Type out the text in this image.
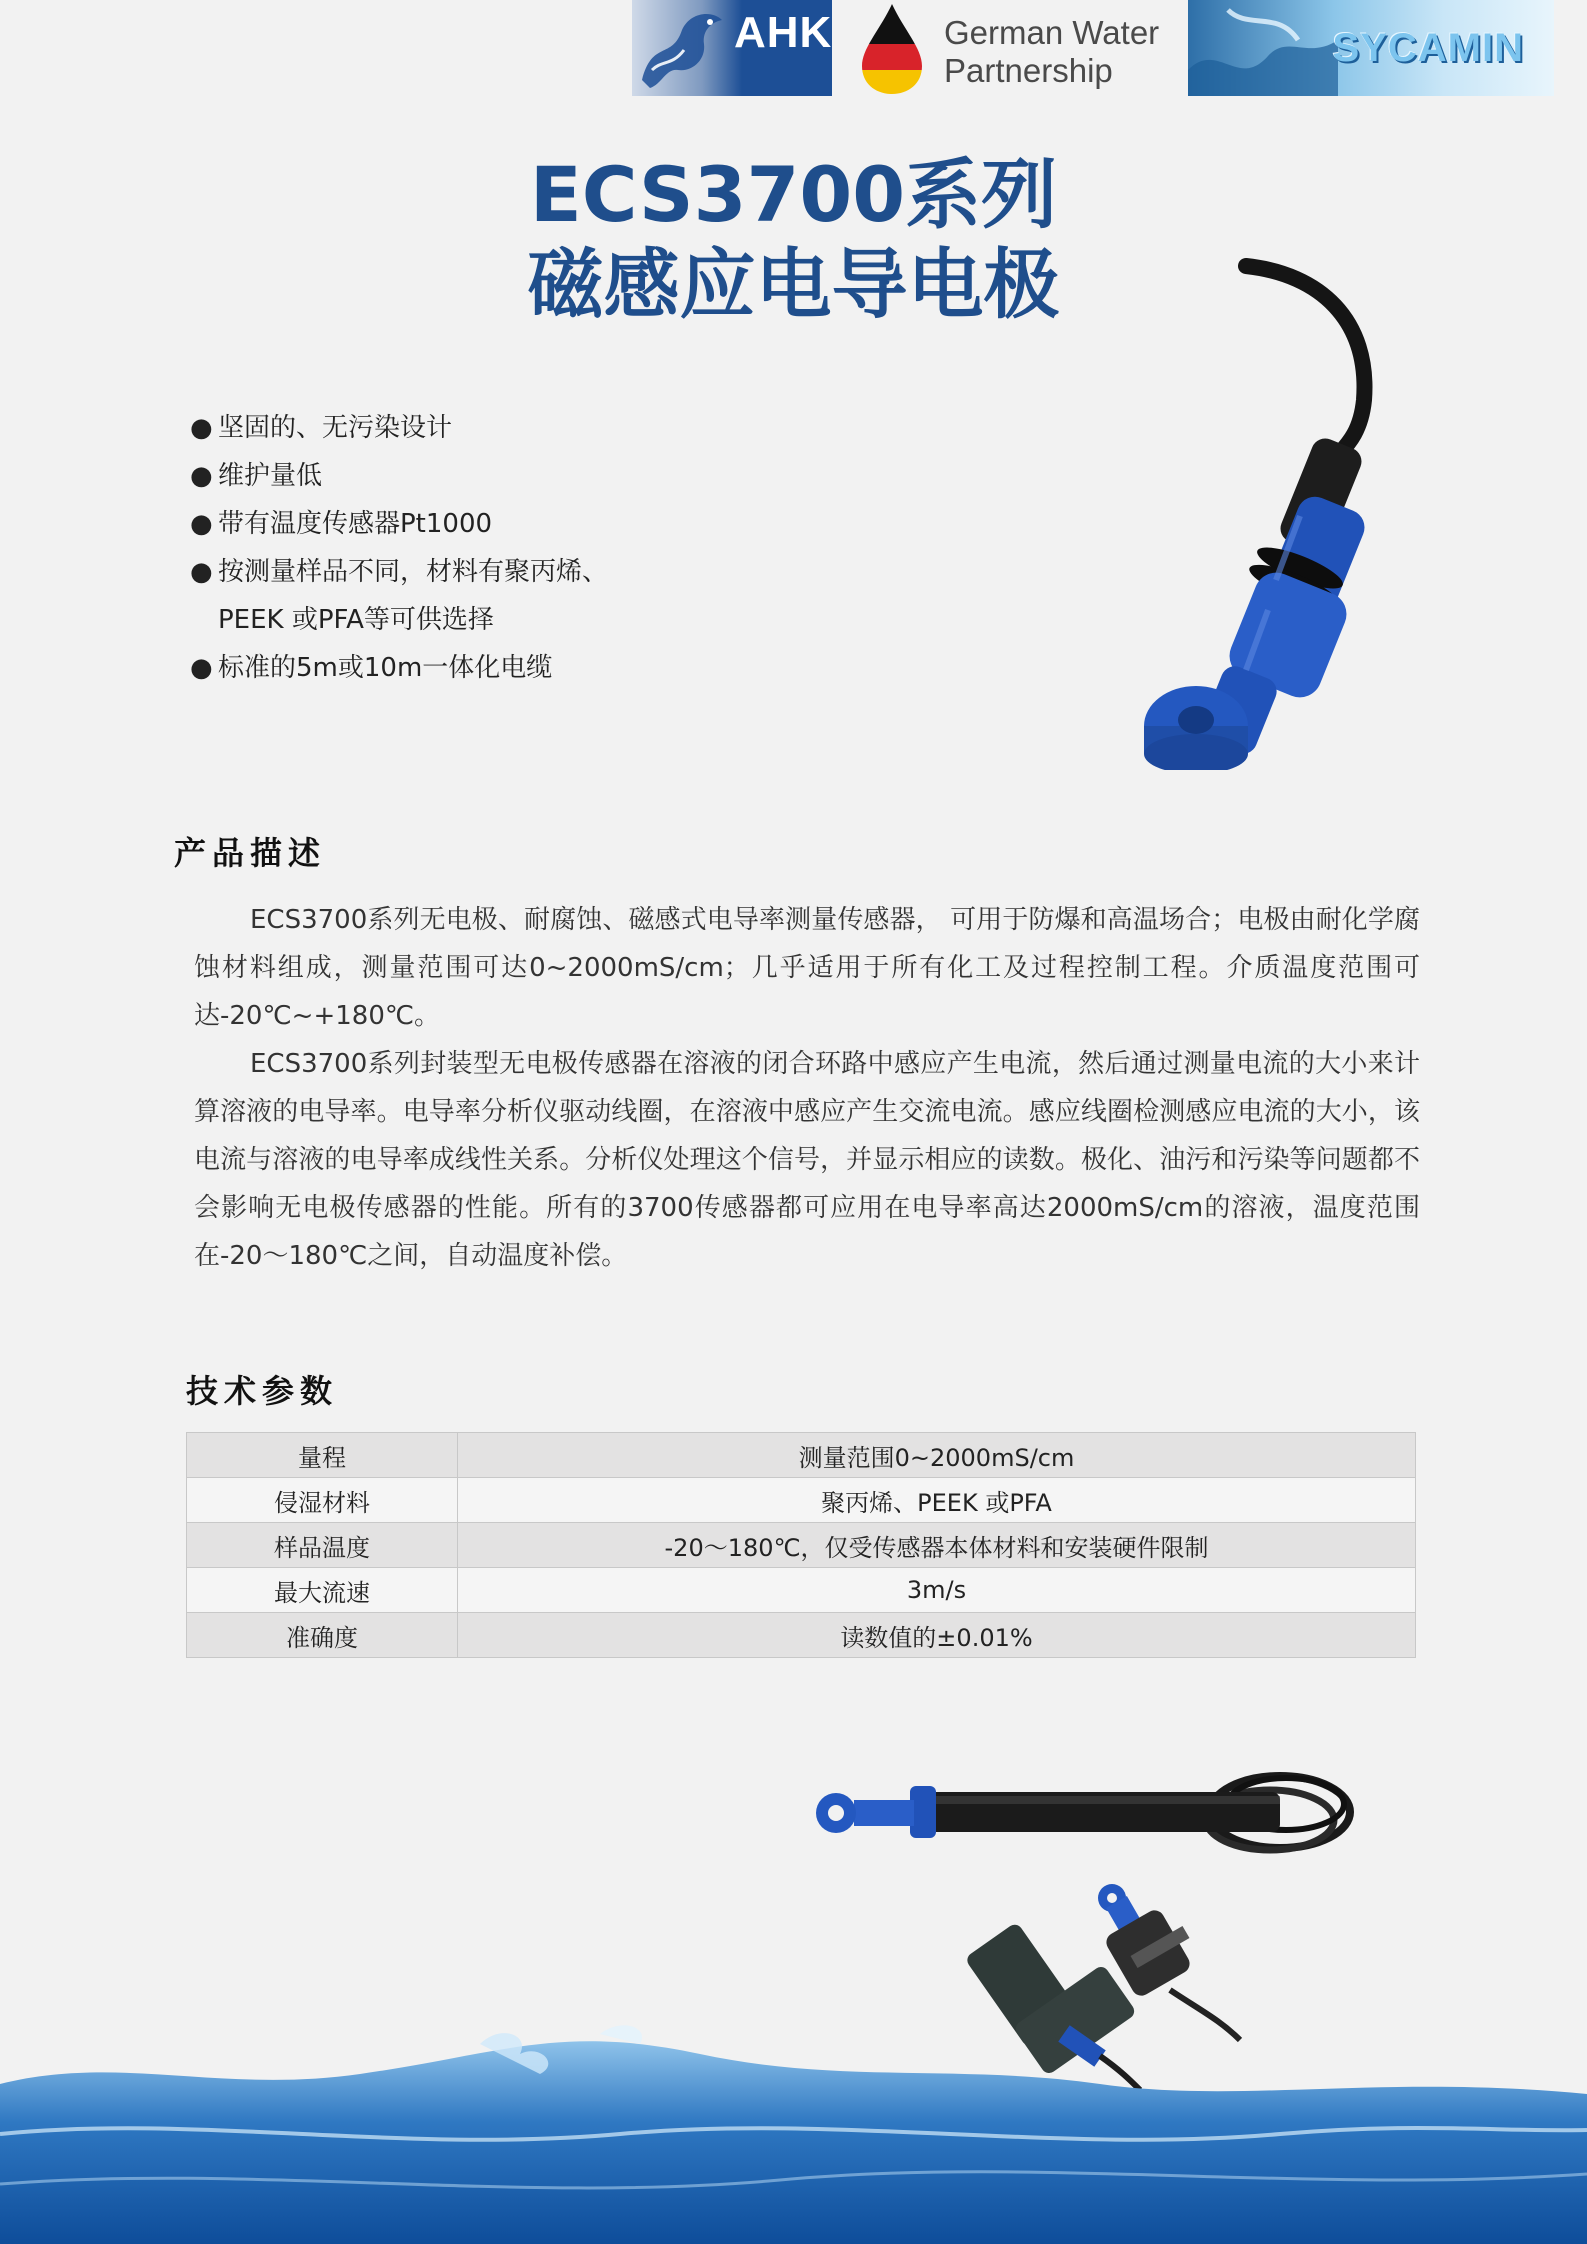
AHK	German Water
Partnership
SYCAMIN
ECS3700系列
磁感应电导电极
● 坚固的、无污染设计
● 维护量低
● 带有温度传感器Pt1000
● 按测量样品不同，材料有聚丙烯、
PEEK 或PFA等可供选择
● 标准的5m或10m一体化电缆
产品描述

ECS3700系列无电极、耐腐蚀、磁感式电导率测量传感器， 可用于防爆和高温场合；电极由耐化学腐蚀材料组成，测量范围可达0~2000mS/cm；几乎适用于所有化工及过程控制工程。介质温度范围可达-20℃~+180℃。

ECS3700系列封装型无电极传感器在溶液的闭合环路中感应产生电流，然后通过测量电流的大小来计算溶液的电导率。电导率分析仪驱动线圈，在溶液中感应产生交流电流。感应线圈检测感应电流的大小，该电流与溶液的电导率成线性关系。分析仪处理这个信号，并显示相应的读数。极化、油污和污染等问题都不会影响无电极传感器的性能。所有的3700传感器都可应用在电导率高达2000mS/cm的溶液，温度范围在-20～180℃之间，自动温度补偿。

技术参数
量程	测量范围0~2000mS/cm
侵湿材料	聚丙烯、PEEK 或PFA
样品温度	-20～180℃，仅受传感器本体材料和安装硬件限制
最大流速	3m/s
准确度	读数值的±0.01%
